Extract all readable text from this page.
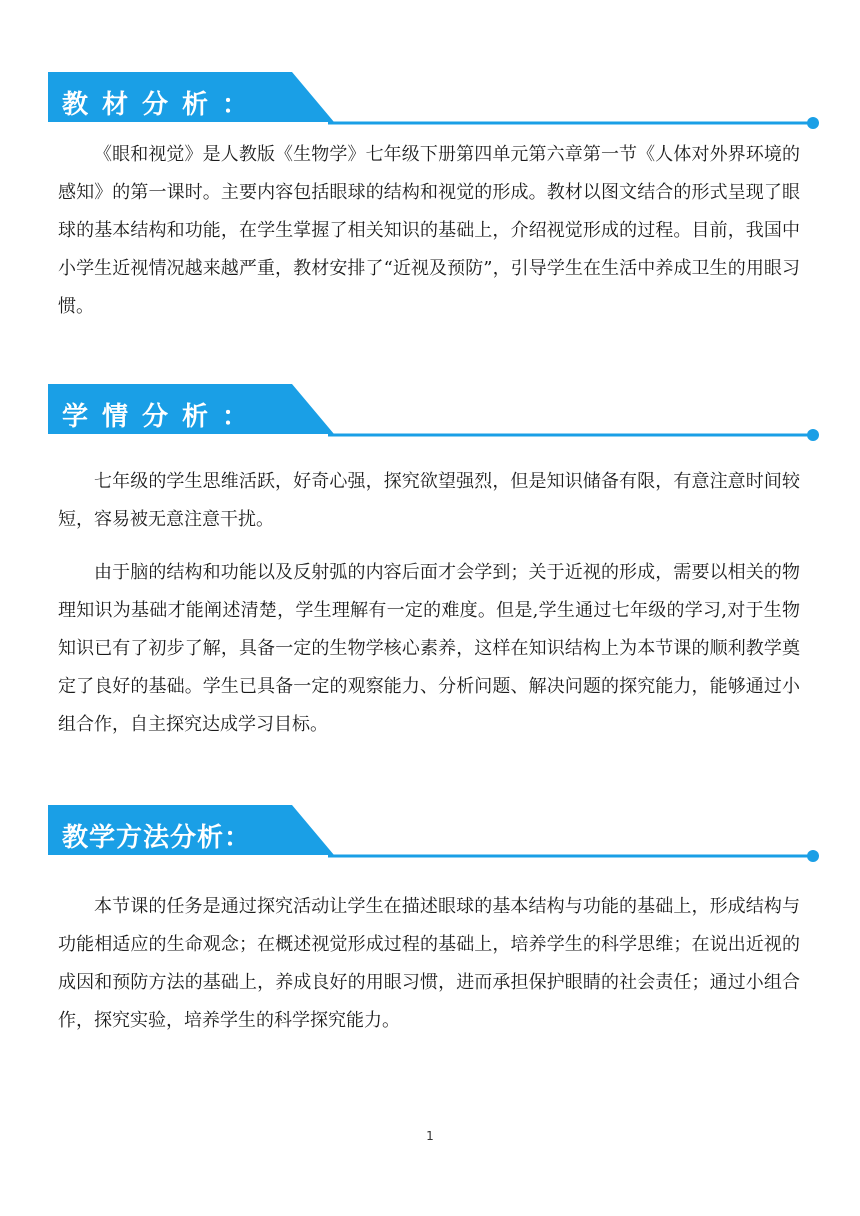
教材分析：

《眼和视觉》是人教版《生物学》七年级下册第四单元第六章第一节《人体对外界环境的感知》的第一课时。主要内容包括眼球的结构和视觉的形成。教材以图文结合的形式呈现了眼球的基本结构和功能，在学生掌握了相关知识的基础上，介绍视觉形成的过程。目前，我国中小学生近视情况越来越严重，教材安排了“近视及预防”，引导学生在生活中养成卫生的用眼习惯。

学情分析：

七年级的学生思维活跃，好奇心强，探究欲望强烈，但是知识储备有限，有意注意时间较短，容易被无意注意干扰。

由于脑的结构和功能以及反射弧的内容后面才会学到；关于近视的形成，需要以相关的物理知识为基础才能阐述清楚，学生理解有一定的难度。但是,学生通过七年级的学习,对于生物知识已有了初步了解，具备一定的生物学核心素养，这样在知识结构上为本节课的顺利教学奠定了良好的基础。学生已具备一定的观察能力、分析问题、解决问题的探究能力，能够通过小组合作，自主探究达成学习目标。

教学方法分析：

本节课的任务是通过探究活动让学生在描述眼球的基本结构与功能的基础上，形成结构与功能相适应的生命观念；在概述视觉形成过程的基础上，培养学生的科学思维；在说出近视的成因和预防方法的基础上，养成良好的用眼习惯，进而承担保护眼睛的社会责任；通过小组合作，探究实验，培养学生的科学探究能力。

1
